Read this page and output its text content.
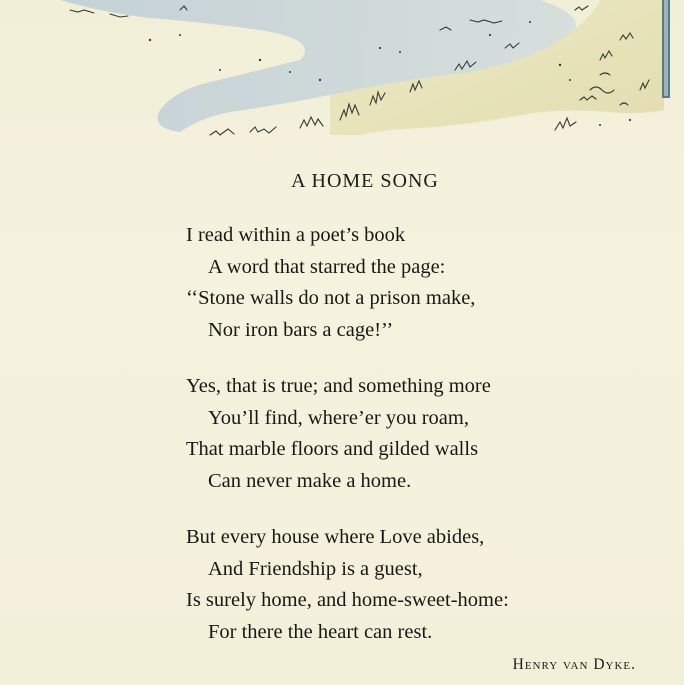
A HOME SONG
I read within a poet’s book
A word that starred the page:
‘‘Stone walls do not a prison make,
Nor iron bars a cage!’’
Yes, that is true; and something more
You’ll find, where’er you roam,
That marble floors and gilded walls
Can never make a home.
But every house where Love abides,
And Friendship is a guest,
Is surely home, and home-sweet-home:
For there the heart can rest.
Henry van Dyke.
